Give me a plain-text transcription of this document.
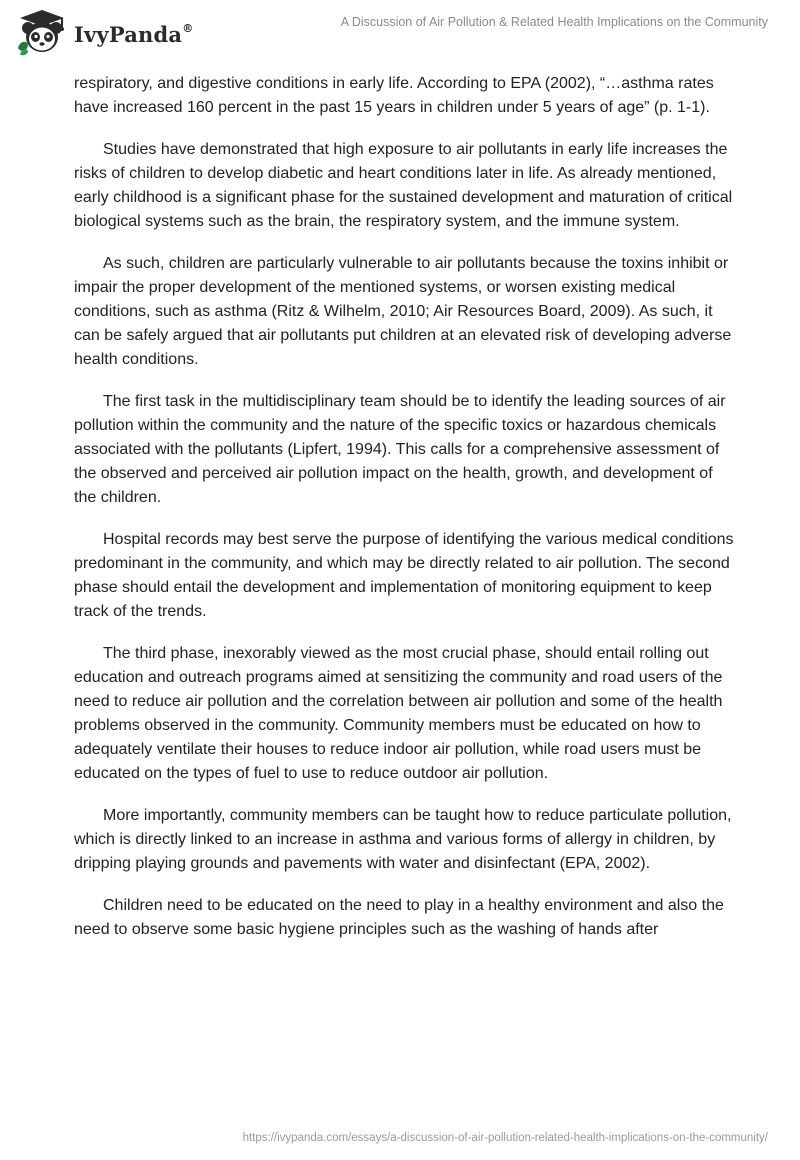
IvyPanda®	A Discussion of Air Pollution & Related Health Implications on the Community

respiratory, and digestive conditions in early life. According to EPA (2002), “…asthma rates have increased 160 percent in the past 15 years in children under 5 years of age” (p. 1-1).

Studies have demonstrated that high exposure to air pollutants in early life increases the risks of children to develop diabetic and heart conditions later in life. As already mentioned, early childhood is a significant phase for the sustained development and maturation of critical biological systems such as the brain, the respiratory system, and the immune system.

As such, children are particularly vulnerable to air pollutants because the toxins inhibit or impair the proper development of the mentioned systems, or worsen existing medical conditions, such as asthma (Ritz & Wilhelm, 2010; Air Resources Board, 2009). As such, it can be safely argued that air pollutants put children at an elevated risk of developing adverse health conditions.

The first task in the multidisciplinary team should be to identify the leading sources of air pollution within the community and the nature of the specific toxics or hazardous chemicals associated with the pollutants (Lipfert, 1994). This calls for a comprehensive assessment of the observed and perceived air pollution impact on the health, growth, and development of the children.

Hospital records may best serve the purpose of identifying the various medical conditions predominant in the community, and which may be directly related to air pollution. The second phase should entail the development and implementation of monitoring equipment to keep track of the trends.

The third phase, inexorably viewed as the most crucial phase, should entail rolling out education and outreach programs aimed at sensitizing the community and road users of the need to reduce air pollution and the correlation between air pollution and some of the health problems observed in the community. Community members must be educated on how to adequately ventilate their houses to reduce indoor air pollution, while road users must be educated on the types of fuel to use to reduce outdoor air pollution.

More importantly, community members can be taught how to reduce particulate pollution, which is directly linked to an increase in asthma and various forms of allergy in children, by dripping playing grounds and pavements with water and disinfectant (EPA, 2002).

Children need to be educated on the need to play in a healthy environment and also the need to observe some basic hygiene principles such as the washing of hands after

https://ivypanda.com/essays/a-discussion-of-air-pollution-related-health-implications-on-the-community/
